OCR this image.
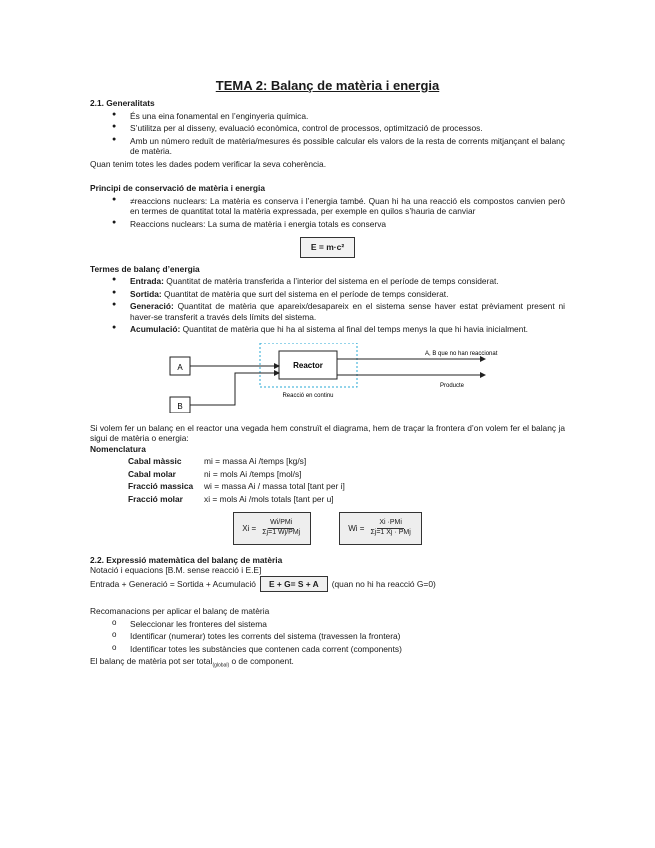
TEMA 2: Balanç de matèria i energia

2.1. Generalitats

● És una eina fonamental en l’enginyeria química.
● S’utilitza per al disseny, evaluació econòmica, control de processos, optimització de processos.
● Amb un número reduït de matèria/mesures és possible calcular els valors de la resta de corrents mitjançant el balanç de matèria.
Quan tenim totes les dades podem verificar la seva coherència.

Principi de conservació de matèria i energia

● ≠reaccions nuclears: La matèria es conserva i l’energia també. Quan hi ha una reacció els compostos canvien però en termes de quantitat total la matèria expressada, per exemple en quilos s’hauria de canviar
● Reaccions nuclears: La suma de matèria i energia totals es conserva
E = m·c²

Termes de balanç d’energia

● Entrada: Quantitat de matèria transferida a l’interior del sistema en el període de temps considerat.
● Sortida: Quantitat de matèria que surt del sistema en el període de temps considerat.
● Generació: Quantitat de matèria que apareix/desapareix en el sistema sense haver estat prèviament present ni haver-se transferit a través dels límits del sistema.
● Acumulació: Quantitat de matèria que hi ha al sistema al final del temps menys la que hi havia inicialment.
A
B
Reactor
A, B que no han reaccionat
Producte
Reacció en continu
Si volem fer un balanç en el reactor una vegada hem construït el diagrama, hem de traçar la frontera d’on volem fer el balanç ja sigui de matèria o energia:

Nomenclatura

Cabal màssic	mi = massa Ai /temps [kg/s]
Cabal molar	ni = mols Ai /temps [mol/s]
Fracció massica	wi = massa Ai / massa total [tant per i]
Fracció molar	xi = mols Ai /mols totals [tant per u]
$Xi = \frac{\text{Wi/PMi}}{\text{Σj=1 Wj/PMj}}$	$Wi = \frac{\text{Xi ·PMi}}{\text{Σj=1 Xj · PMj}}$

2.2. Expressió matemàtica del balanç de matèria

Notació i equacions [B.M. sense reacció i E.E]
Entrada + Generació = Sortida + Acumulació	E + G= S + A	(quan no hi ha reacció G=0)

Recomanacions per aplicar el balanç de matèria

o Seleccionar les fronteres del sistema
o Identificar (numerar) totes les corrents del sistema (travessen la frontera)
o Identificar totes les substàncies que contenen cada corrent (components)
El balanç de matèria pot ser total$_{(global)}$ o de component.
